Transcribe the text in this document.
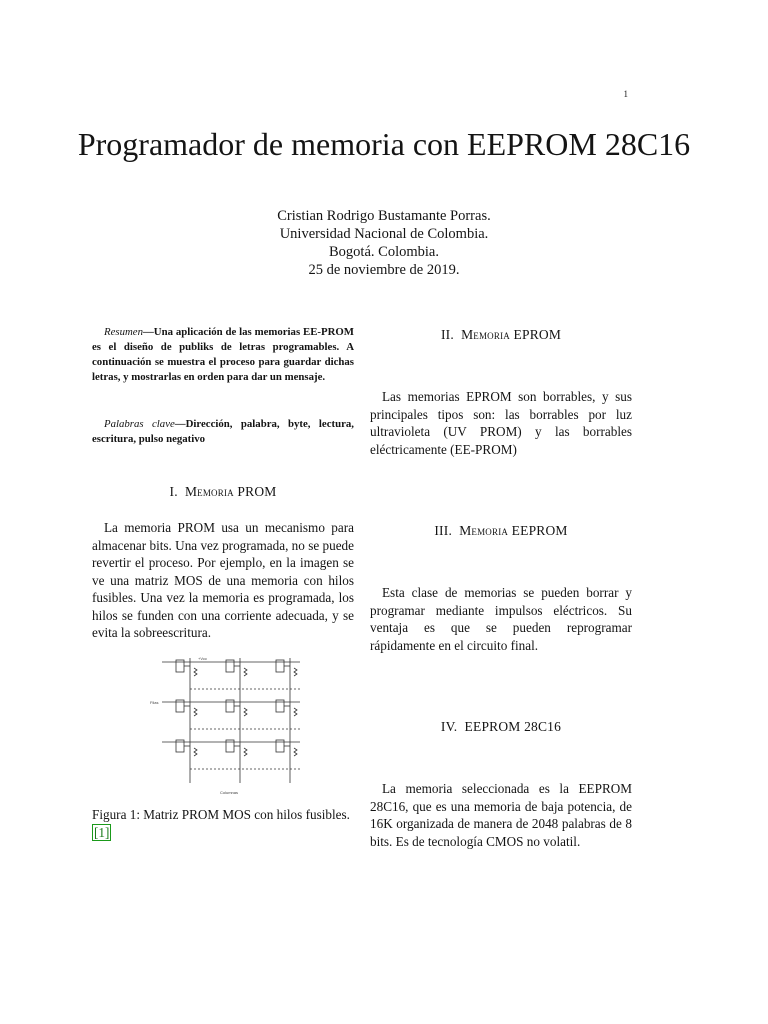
1
Programador de memoria con EEPROM 28C16
Cristian Rodrigo Bustamante Porras.
Universidad Nacional de Colombia.
Bogotá. Colombia.
25 de noviembre de 2019.
Resumen—Una aplicación de las memorias EE-PROM es el diseño de publiks de letras programables. A continuación se muestra el proceso para guardar dichas letras, y mostrarlas en orden para dar un mensaje.
Palabras clave—Dirección, palabra, byte, lectura, escritura, pulso negativo
I. Memoria PROM
La memoria PROM usa un mecanismo para almacenar bits. Una vez programada, no se puede revertir el proceso. Por ejemplo, en la imagen se ve una matriz MOS de una memoria con hilos fusibles. Una vez la memoria es programada, los hilos se funden con una corriente adecuada, y se evita la sobreescritura.
Filas
Columnas
+Vcc
Figura 1: Matriz PROM MOS con hilos fusibles. [1]
II. Memoria EPROM
Las memorias EPROM son borrables, y sus principales tipos son: las borrables por luz ultravioleta (UV PROM) y las borrables eléctricamente (EE-PROM)
III. Memoria EEPROM
Esta clase de memorias se pueden borrar y programar mediante impulsos eléctricos. Su ventaja es que se pueden reprogramar rápidamente en el circuito final.
IV. EEPROM 28C16
La memoria seleccionada es la EEPROM 28C16, que es una memoria de baja potencia, de 16K organizada de manera de 2048 palabras de 8 bits. Es de tecnología CMOS no volatil.
